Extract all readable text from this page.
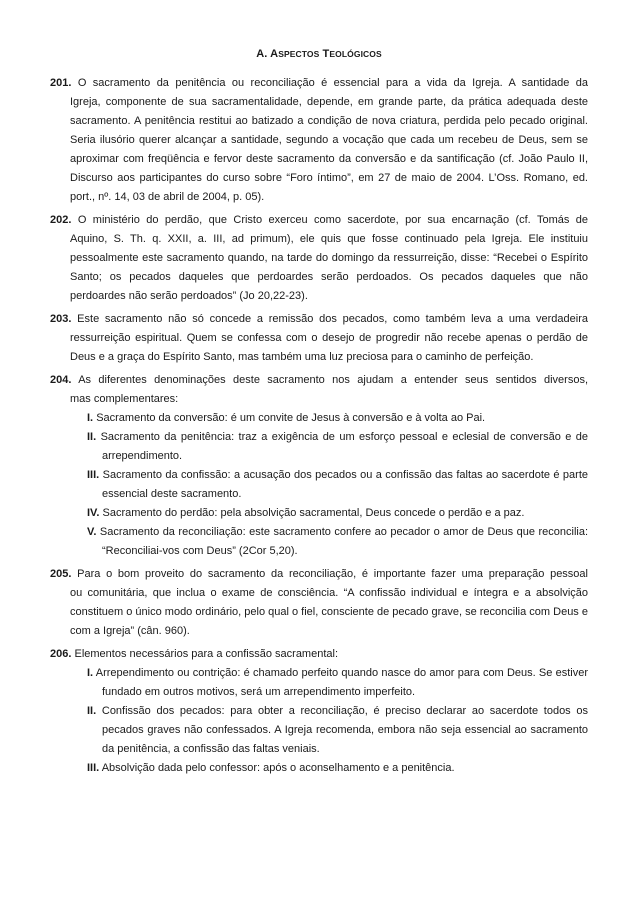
A. ASPECTOS TEOLÓGICOS
201. O sacramento da penitência ou reconciliação é essencial para a vida da Igreja. A santidade da
Igreja, componente de sua sacramentalidade, depende, em grande parte, da prática adequada deste sacramento. A penitência restitui ao batizado a condição de nova criatura, perdida pelo pecado original. Seria ilusório querer alcançar a santidade, segundo a vocação que cada um recebeu de Deus, sem se aproximar com freqüência e fervor deste sacramento da conversão e da santificação (cf. João Paulo II, Discurso aos participantes do curso sobre “Foro íntimo”, em 27 de maio de 2004. L’Oss. Romano, ed. port., nº. 14, 03 de abril de 2004, p. 05).
202. O ministério do perdão, que Cristo exerceu como sacerdote, por sua encarnação (cf. Tomás de
Aquino, S. Th. q. XXII, a. III, ad primum), ele quis que fosse continuado pela Igreja. Ele instituiu pessoalmente este sacramento quando, na tarde do domingo da ressurreição, disse: “Recebei o Espírito Santo; os pecados daqueles que perdoardes serão perdoados. Os pecados daqueles que não perdoardes não serão perdoados” (Jo 20,22-23).
203. Este sacramento não só concede a remissão dos pecados, como também leva a uma verdadeira
ressurreição espiritual. Quem se confessa com o desejo de progredir não recebe apenas o perdão de Deus e a graça do Espírito Santo, mas também uma luz preciosa para o caminho de perfeição.
204. As diferentes denominações deste sacramento nos ajudam a entender seus sentidos diversos,
mas complementares:
I. Sacramento da conversão: é um convite de Jesus à conversão e à volta ao Pai.
II. Sacramento da penitência: traz a exigência de um esforço pessoal e eclesial de conversão e de arrependimento.
III. Sacramento da confissão: a acusação dos pecados ou a confissão das faltas ao sacerdote é parte essencial deste sacramento.
IV. Sacramento do perdão: pela absolvição sacramental, Deus concede o perdão e a paz.
V. Sacramento da reconciliação: este sacramento confere ao pecador o amor de Deus que reconcilia: “Reconciliai-vos com Deus” (2Cor 5,20).
205. Para o bom proveito do sacramento da reconciliação, é importante fazer uma preparação pessoal
ou comunitária, que inclua o exame de consciência. “A confissão individual e íntegra e a absolvição constituem o único modo ordinário, pelo qual o fiel, consciente de pecado grave, se reconcilia com Deus e com a Igreja” (cân. 960).
206. Elementos necessários para a confissão sacramental:
I. Arrependimento ou contrição: é chamado perfeito quando nasce do amor para com Deus. Se estiver fundado em outros motivos, será um arrependimento imperfeito.
II. Confissão dos pecados: para obter a reconciliação, é preciso declarar ao sacerdote todos os pecados graves não confessados. A Igreja recomenda, embora não seja essencial ao sacramento da penitência, a confissão das faltas veniais.
III. Absolvição dada pelo confessor: após o aconselhamento e a penitência.
